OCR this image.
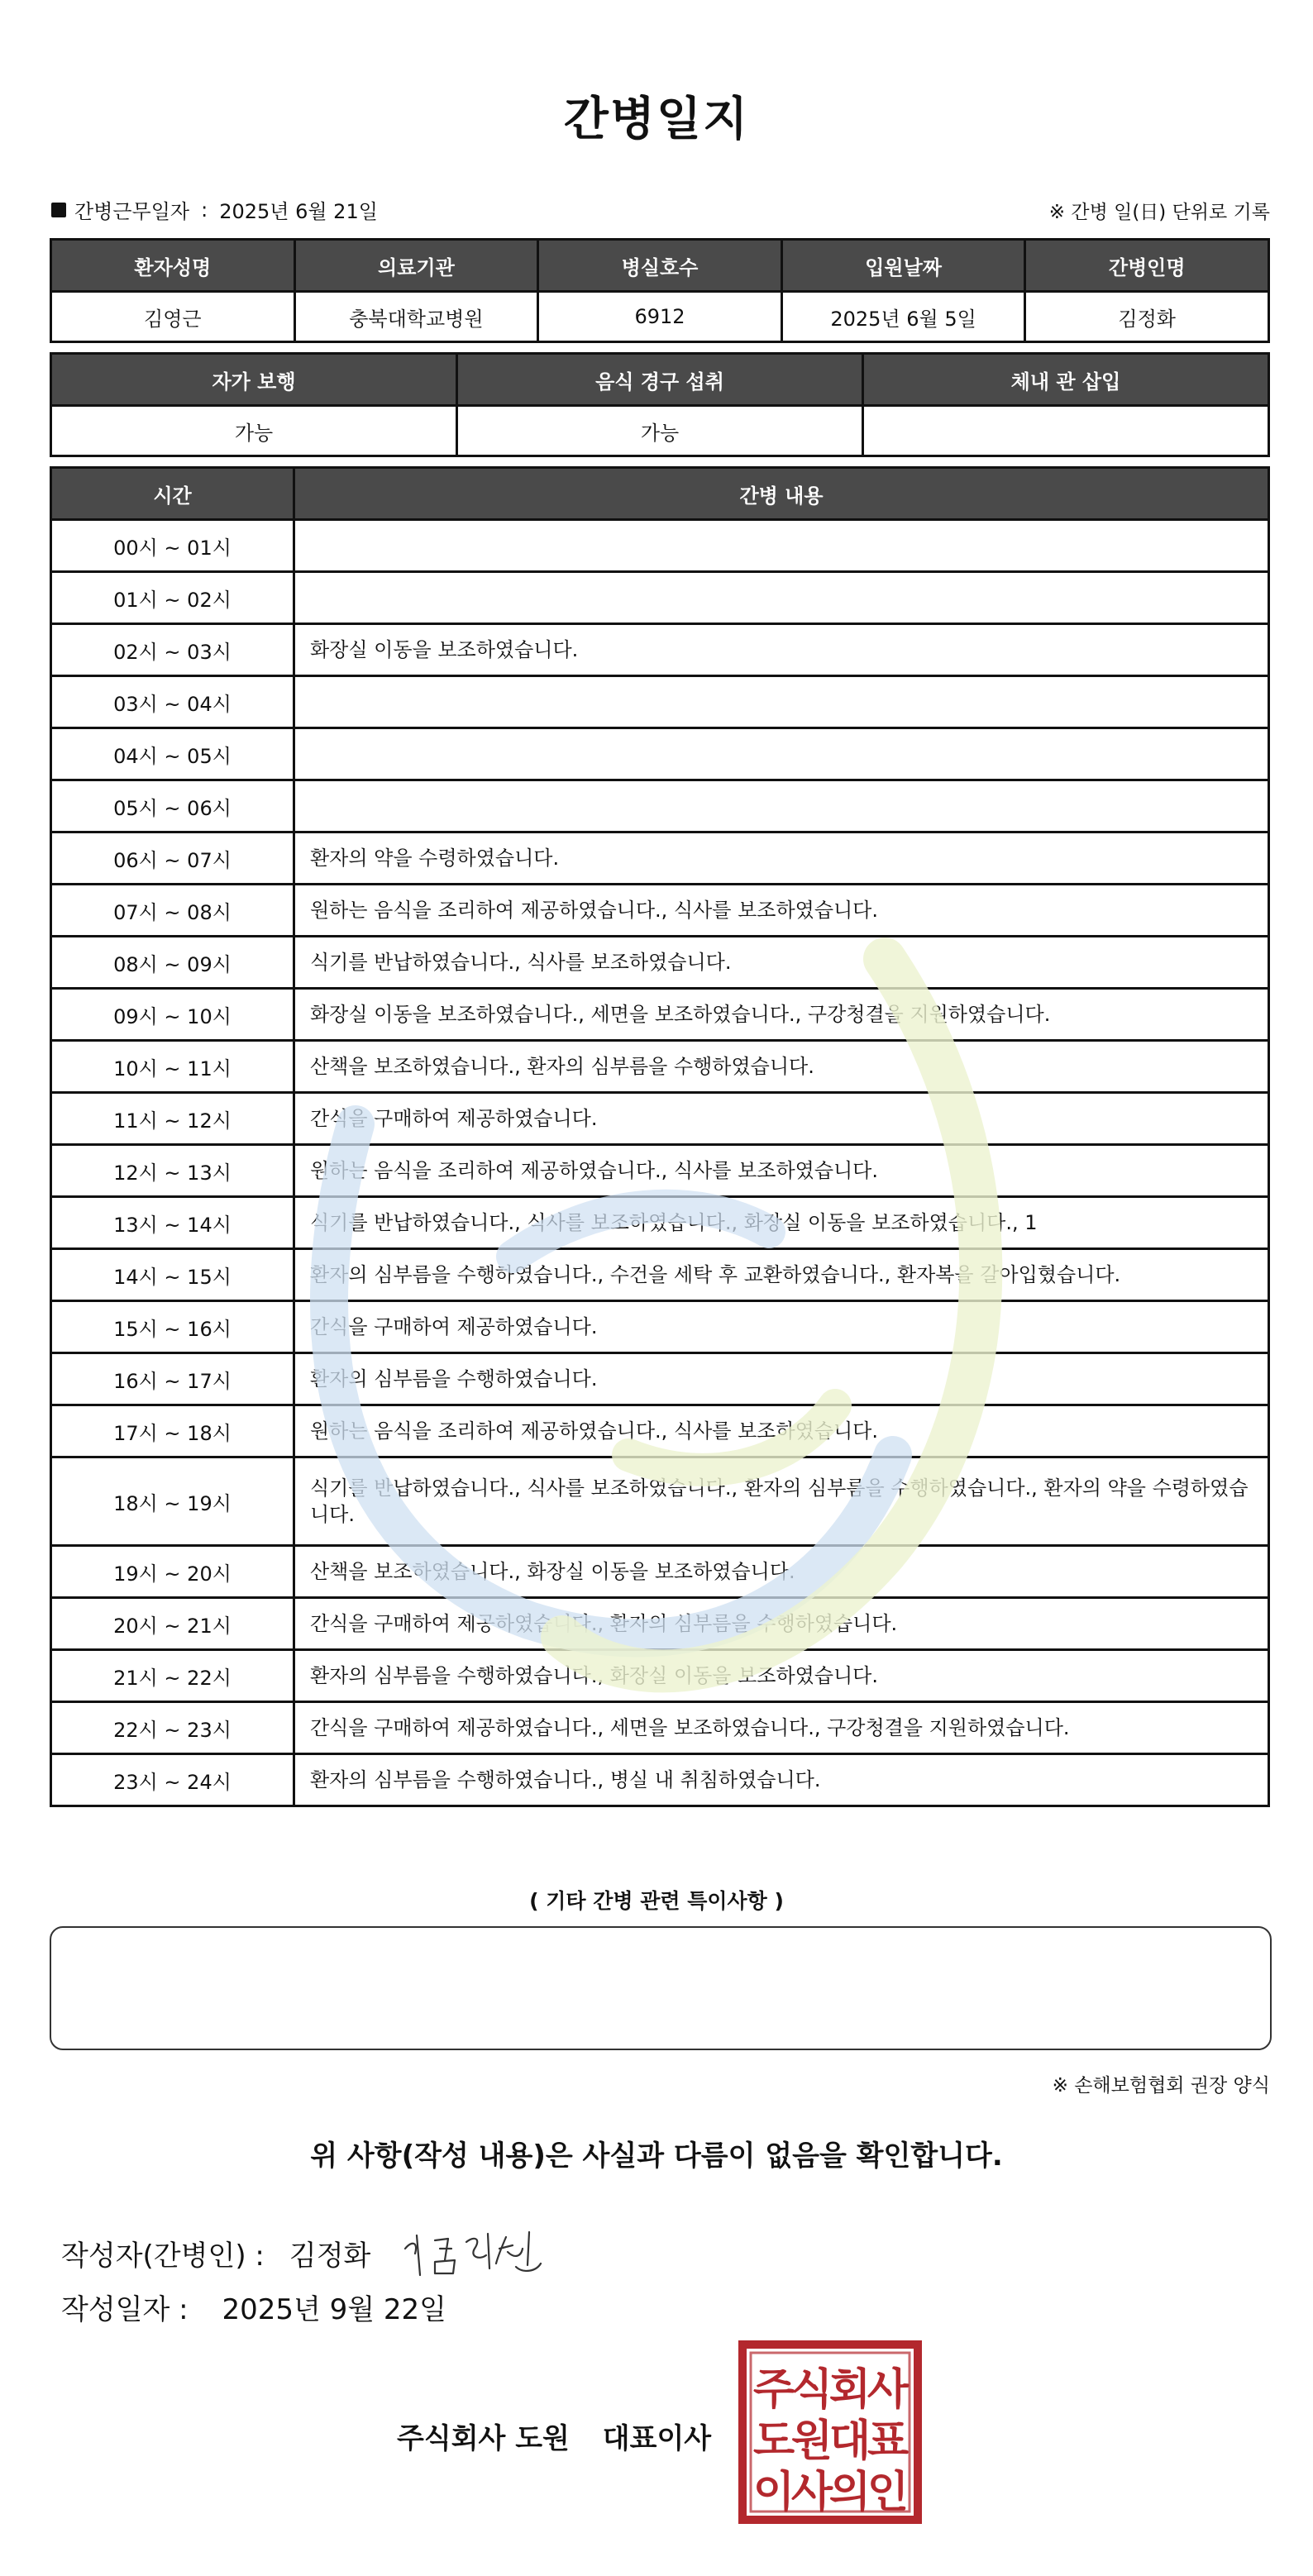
간병일지
간병근무일자 : 2025년 6월 21일	※ 간병 일(日) 단위로 기록
환자성명	의료기관	병실호수	입원날짜	간병인명
김영근	충북대학교병원	6912	2025년 6월 5일	김정화
자가 보행	음식 경구 섭취	체내 관 삽입
가능	가능	
시간	간병 내용
00시 ~ 01시	
01시 ~ 02시	
02시 ~ 03시	화장실 이동을 보조하였습니다.
03시 ~ 04시	
04시 ~ 05시	
05시 ~ 06시	
06시 ~ 07시	환자의 약을 수령하였습니다.
07시 ~ 08시	원하는 음식을 조리하여 제공하였습니다., 식사를 보조하였습니다.
08시 ~ 09시	식기를 반납하였습니다., 식사를 보조하였습니다.
09시 ~ 10시	화장실 이동을 보조하였습니다., 세면을 보조하였습니다., 구강청결을 지원하였습니다.
10시 ~ 11시	산책을 보조하였습니다., 환자의 심부름을 수행하였습니다.
11시 ~ 12시	간식을 구매하여 제공하였습니다.
12시 ~ 13시	원하는 음식을 조리하여 제공하였습니다., 식사를 보조하였습니다.
13시 ~ 14시	식기를 반납하였습니다., 식사를 보조하였습니다., 화장실 이동을 보조하였습니다., 1
14시 ~ 15시	환자의 심부름을 수행하였습니다., 수건을 세탁 후 교환하였습니다., 환자복을 갈아입혔습니다.
15시 ~ 16시	간식을 구매하여 제공하였습니다.
16시 ~ 17시	환자의 심부름을 수행하였습니다.
17시 ~ 18시	원하는 음식을 조리하여 제공하였습니다., 식사를 보조하였습니다.
18시 ~ 19시	식기를 반납하였습니다., 식사를 보조하였습니다., 환자의 심부름을 수행하였습니다., 환자의 약을 수령하였습니다.
19시 ~ 20시	산책을 보조하였습니다., 화장실 이동을 보조하였습니다.
20시 ~ 21시	간식을 구매하여 제공하였습니다., 환자의 심부름을 수행하였습니다.
21시 ~ 22시	환자의 심부름을 수행하였습니다., 화장실 이동을 보조하였습니다.
22시 ~ 23시	간식을 구매하여 제공하였습니다., 세면을 보조하였습니다., 구강청결을 지원하였습니다.
23시 ~ 24시	환자의 심부름을 수행하였습니다., 병실 내 취침하였습니다.
( 기타 간병 관련 특이사항 )
※ 손해보험협회 권장 양식
위 사항(작성 내용)은 사실과 다름이 없음을 확인합니다.
작성자(간병인) : 김정화
작성일자 : 2025년 9월 22일
주식회사 도원 대표이사
주
식
회
사
도
원
대
표
이
사
의
인
